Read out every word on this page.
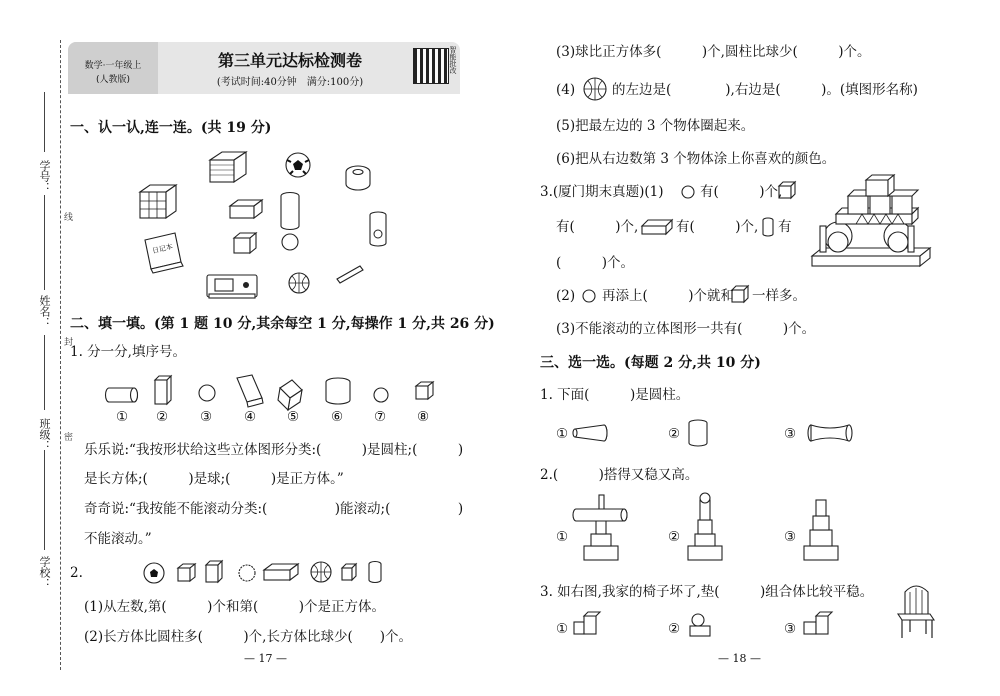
学号：
姓名：
班级：
学校：
线
封
密
数学·一年级上
(人教版)
第三单元达标检测卷
(考试时间:40分钟　满分:100分)
智能批改
一、认一认,连一连。(共 19 分)
日记本
二、填一填。(第 1 题 10 分,其余每空 1 分,每操作 1 分,共 26 分)
1. 分一分,填序号。
① ② ③ ④ ⑤ ⑥ ⑦ ⑧
乐乐说:“我按形状给这些立体图形分类:(　　　)是圆柱;(　　　)
是长方体;(　　　)是球;(　　　)是正方体。”
奇奇说:“我按能不能滚动分类:(　　　　　)能滚动;(　　　　　)
不能滚动。”
2.
(1)从左数,第(　　　)个和第(　　　)个是正方体。
(2)长方体比圆柱多(　　　)个,长方体比球少(　　)个。
— 17 —
(3)球比正方体多(　　　)个,圆柱比球少(　　　)个。
(4)	的左边是(　　　　),右边是(　　　)。(填图形名称)
(5)把最左边的 3 个物体圈起来。
(6)把从右边数第 3 个物体涂上你喜欢的颜色。
3.(厦门期末真题)(1)	有(　　　)个,
有(　　　)个,	有(　　　)个, 有
(　　　)个。
(2) 再添上(　　　)个就和 一样多。
(3)不能滚动的立体图形一共有(　　　)个。
三、选一选。(每题 2 分,共 10 分)
1. 下面(　　　)是圆柱。
①	②	③
2.(　　　)搭得又稳又高。
①	②	③
3. 如右图,我家的椅子坏了,垫(　　　)组合体比较平稳。
①	②	③
— 18 —
